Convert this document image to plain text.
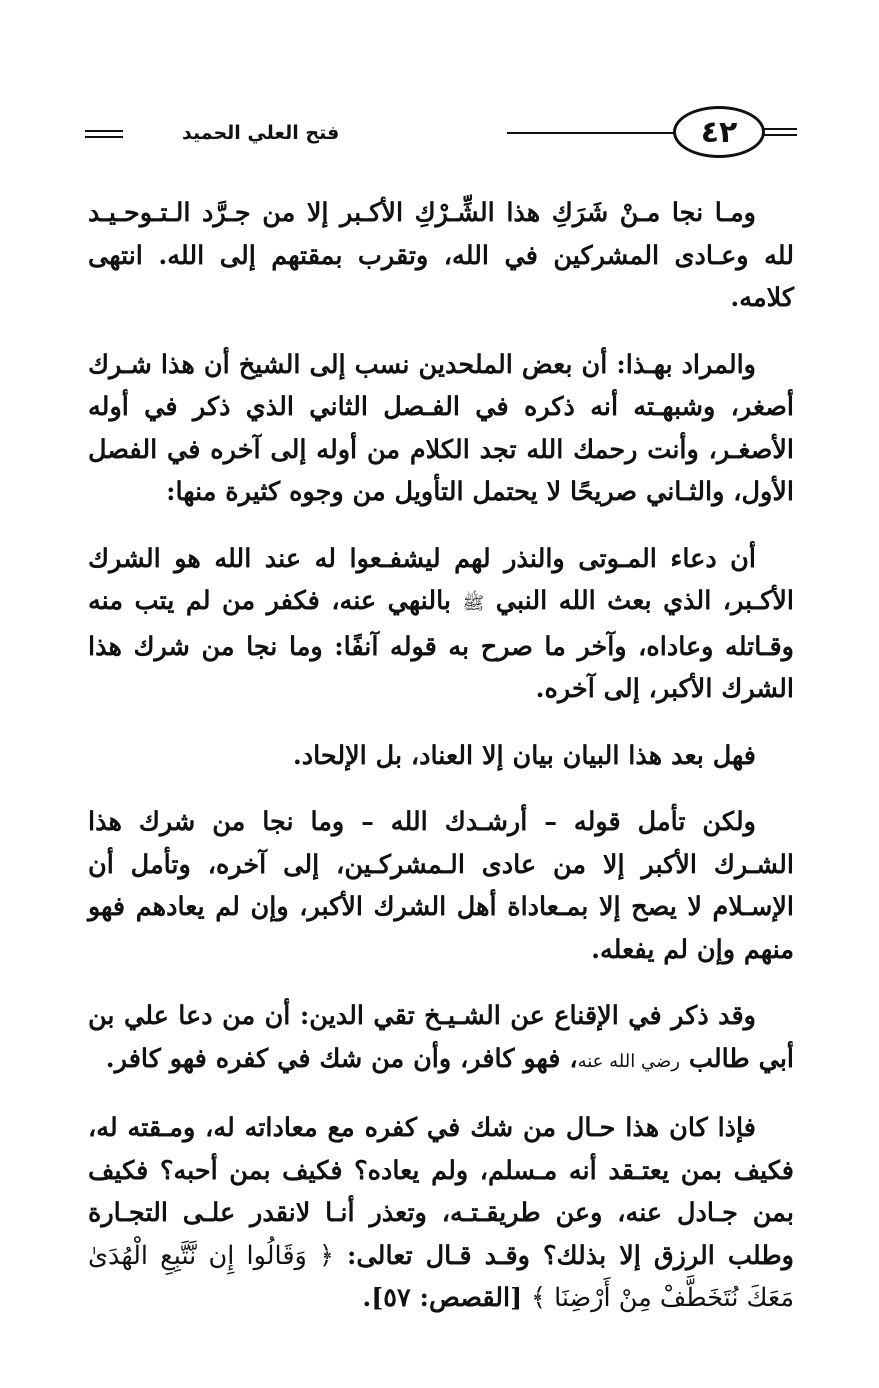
فتح العلي الحميد	٤٢

ومـا نجا مـنْ شَرَكِ هذا الشِّـرْكِ الأكـبر إلا من جـرَّد الـتـوحـيـد لله وعـادى المشركين في الله، وتقرب بمقتهم إلى الله. انتهى كلامه.

والمراد بهـذا: أن بعض الملحدين نسب إلى الشيخ أن هذا شـرك أصغر، وشبهـته أنه ذكره في الفـصل الثاني الذي ذكر في أوله الأصغـر، وأنت رحمك الله تجد الكلام من أوله إلى آخره في الفصل الأول، والثـاني صريحًا لا يحتمل التأويل من وجوه كثيرة منها:

أن دعاء المـوتى والنذر لهم ليشفـعوا له عند الله هو الشرك الأكـبر، الذي بعث الله النبي ﷺ بالنهي عنه، فكفر من لم يتب منه وقـاتله وعاداه، وآخر ما صرح به قوله آنفًا: وما نجا من شرك هذا الشرك الأكبر، إلى آخره.

فهل بعد هذا البيان بيان إلا العناد، بل الإلحاد.

ولكن تأمل قوله – أرشـدك الله – وما نجا من شرك هذا الشـرك الأكبر إلا من عادى الـمشركـين، إلى آخره، وتأمل أن الإسـلام لا يصح إلا بمـعاداة أهل الشرك الأكبر، وإن لم يعادهم فهو منهم وإن لم يفعله.

وقد ذكر في الإقناع عن الشـيـخ تقي الدين: أن من دعا علي بن أبي طالب رضي الله عنه، فهو كافر، وأن من شك في كفره فهو كافر.

فإذا كان هذا حـال من شك في كفره مع معاداته له، ومـقته له، فكيف بمن يعتـقد أنه مـسلم، ولم يعاده؟ فكيف بمن أحبه؟ فكيف بمن جـادل عنه، وعن طريقـتـه، وتعذر أنـا لانقدر علـى التجـارة وطلب الرزق إلا بذلك؟ وقـد قـال تعالى: ﴿ وَقَالُوا إِن نَّتَّبِعِ الْهُدَىٰ مَعَكَ نُتَخَطَّفْ مِنْ أَرْضِنَا ﴾ [القصص: ٥٧].
